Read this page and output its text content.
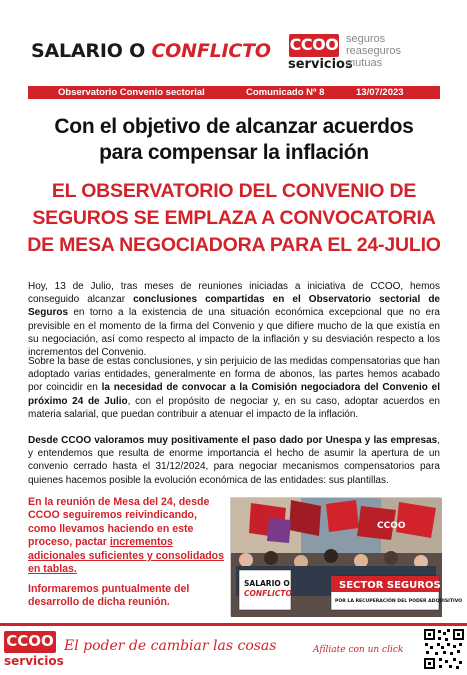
SALARIO O CONFLICTO CCOO
servicios
seguros
reaseguros
mutuas
Observatorio Convenio sectorial	Comunicado Nº 8	13/07/2023
Con el objetivo de alcanzar acuerdos
para compensar la inflación
EL OBSERVATORIO DEL CONVENIO DE
SEGUROS SE EMPLAZA A CONVOCATORIA
DE MESA NEGOCIADORA PARA EL 24-JULIO

Hoy, 13 de Julio, tras meses de reuniones iniciadas a iniciativa de CCOO, hemos conseguido alcanzar conclusiones compartidas en el Observatorio sectorial de Seguros en torno a la existencia de una situación económica excepcional que no era previsible en el momento de la firma del Convenio y que difiere mucho de la que existía en su negociación, así como respecto al impacto de la inflación y su desviación respecto a los incrementos del Convenio.

Sobre la base de estas conclusiones, y sin perjuicio de las medidas compensatorias que han adoptado varias entidades, generalmente en forma de abonos, las partes hemos acabado por coincidir en la necesidad de convocar a la Comisión negociadora del Convenio el próximo 24 de Julio, con el propósito de negociar y, en su caso, adoptar acuerdos en materia salarial, que puedan contribuir a atenuar el impacto de la inflación.

Desde CCOO valoramos muy positivamente el paso dado por Unespa y las empresas, y entendemos que resulta de enorme importancia el hecho de asumir la apertura de un convenio cerrado hasta el 31/12/2024, para negociar mecanismos compensatorios para quienes hacemos posible la evolución económica de las entidades: sus plantillas.

En la reunión de Mesa del 24, desde CCOO seguiremos reivindicando, como llevamos haciendo en este proceso, pactar incrementos adicionales suficientes y consolidados en tablas.

Informaremos puntualmente del desarrollo de dicha reunión.

CCOO
SALARIO O
CONFLICTO
SECTOR SEGUROS
POR LA RECUPERACIÓN DEL PODER ADQUISITIVO
CCOO
servicios
El poder de cambiar las cosas	Afíliate con un click
